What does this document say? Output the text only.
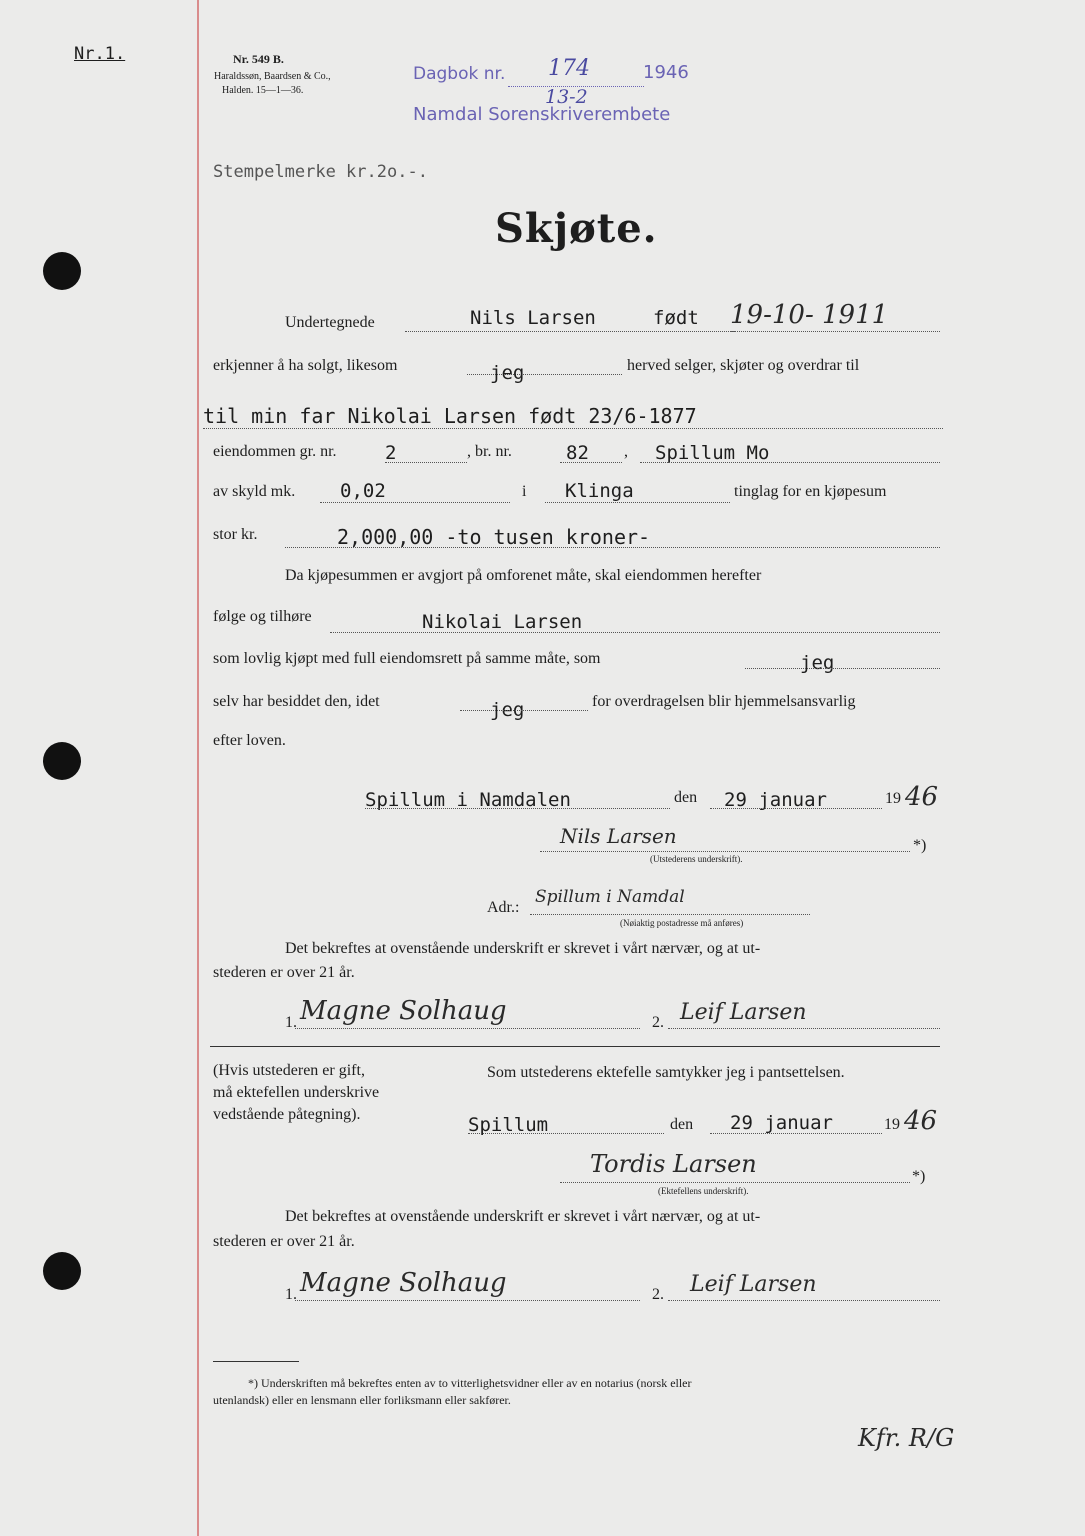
Nr.1.	Nr. 549 B.
Haraldssøn, Baardsen & Co.,
Halden. 15—1—36.
Dagbok nr. 174	1946
13-2
Namdal Sorenskriverembete
Stempelmerke kr.2o.-.
Skjøte.
Undertegnede	Nils Larsen	født 19-10- 1911
erkjenner å ha solgt, likesom	jeg	herved selger, skjøter og overdrar til
til min far Nikolai Larsen født 23/6-1877
eiendommen gr. nr.	2	, br. nr.	82 , Spillum Mo
av skyld mk. 0,02	i Klinga	tinglag for en kjøpesum
stor kr.	2,000,00 -to tusen kroner-
Da kjøpesummen er avgjort på omforenet måte, skal eiendommen herefter
følge og tilhøre	Nikolai Larsen
som lovlig kjøpt med full eiendomsrett på samme måte, som	jeg
selv har besiddet den, idet	jeg	for overdragelsen blir hjemmelsansvarlig
efter loven.
Spillum i Namdalen	den 29 januar	19 46
Nils Larsen	*)
(Utstederens underskrift).
Adr.:
Spillum i Namdal
(Nøiaktig postadresse må anføres)
Det bekreftes at ovenstående underskrift er skrevet i vårt nærvær, og at ut-
stederen er over 21 år.
1. Magne Solhaug	2. Leif Larsen
(Hvis utstederen er gift,
må ektefellen underskrive
vedstående påtegning).
Som utstederens ektefelle samtykker jeg i pantsettelsen.
Spillum	den 29 januar	19 46
Tordis Larsen	*)
(Ektefellens underskrift).
Det bekreftes at ovenstående underskrift er skrevet i vårt nærvær, og at ut-
stederen er over 21 år.
1. Magne Solhaug	2. Leif Larsen
*) Underskriften må bekreftes enten av to vitterlighetsvidner eller av en notarius (norsk eller
utenlandsk) eller en lensmann eller forliksmann eller sakfører.
Kfr. R/G
